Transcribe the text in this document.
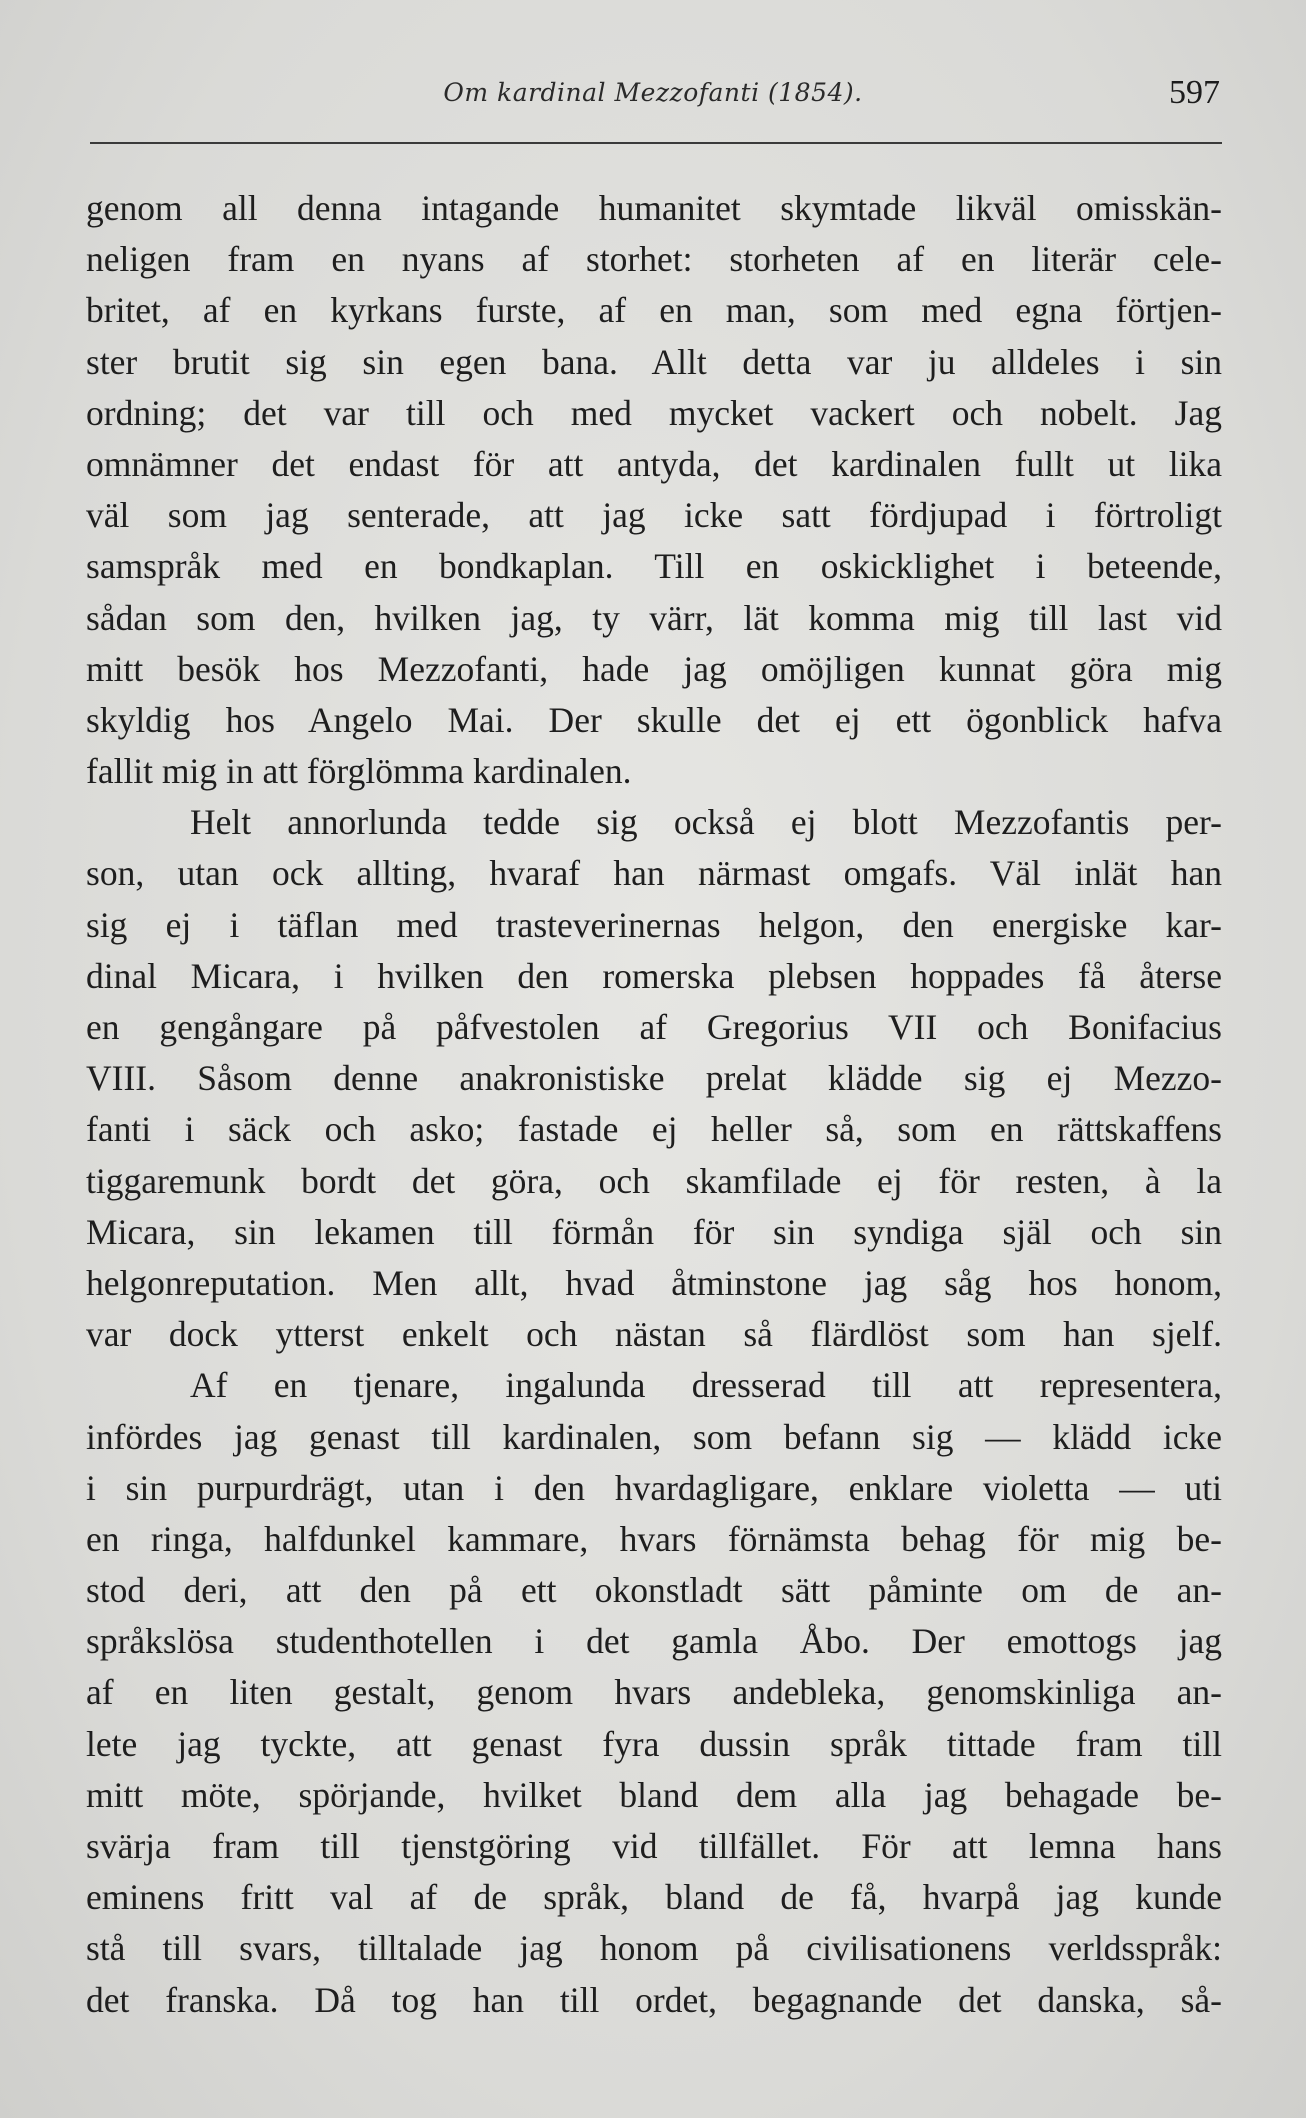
Om kardinal Mezzofanti (1854).	597
genom all denna intagande humanitet skymtade likväl omisskän-
neligen fram en nyans af storhet: storheten af en literär cele-
britet, af en kyrkans furste, af en man, som med egna förtjen-
ster brutit sig sin egen bana. Allt detta var ju alldeles i sin
ordning; det var till och med mycket vackert och nobelt. Jag
omnämner det endast för att antyda, det kardinalen fullt ut lika
väl som jag senterade, att jag icke satt fördjupad i förtroligt
samspråk med en bondkaplan. Till en oskicklighet i beteende,
sådan som den, hvilken jag, ty värr, lät komma mig till last vid
mitt besök hos Mezzofanti, hade jag omöjligen kunnat göra mig
skyldig hos Angelo Mai. Der skulle det ej ett ögonblick hafva
fallit mig in att förglömma kardinalen.
Helt annorlunda tedde sig också ej blott Mezzofantis per-
son, utan ock allting, hvaraf han närmast omgafs. Väl inlät han
sig ej i täflan med trasteverinernas helgon, den energiske kar-
dinal Micara, i hvilken den romerska plebsen hoppades få återse
en gengångare på påfvestolen af Gregorius VII och Bonifacius
VIII. Såsom denne anakronistiske prelat klädde sig ej Mezzo-
fanti i säck och asko; fastade ej heller så, som en rättskaffens
tiggaremunk bordt det göra, och skamfilade ej för resten, à la
Micara, sin lekamen till förmån för sin syndiga själ och sin
helgonreputation. Men allt, hvad åtminstone jag såg hos honom,
var dock ytterst enkelt och nästan så flärdlöst som han sjelf.
Af en tjenare, ingalunda dresserad till att representera,
infördes jag genast till kardinalen, som befann sig — klädd icke
i sin purpurdrägt, utan i den hvardagligare, enklare violetta — uti
en ringa, halfdunkel kammare, hvars förnämsta behag för mig be-
stod deri, att den på ett okonstladt sätt påminte om de an-
språkslösa studenthotellen i det gamla Åbo. Der emottogs jag
af en liten gestalt, genom hvars andebleka, genomskinliga an-
lete jag tyckte, att genast fyra dussin språk tittade fram till
mitt möte, spörjande, hvilket bland dem alla jag behagade be-
svärja fram till tjenstgöring vid tillfället. För att lemna hans
eminens fritt val af de språk, bland de få, hvarpå jag kunde
stå till svars, tilltalade jag honom på civilisationens verldsspråk:
det franska. Då tog han till ordet, begagnande det danska, så-
